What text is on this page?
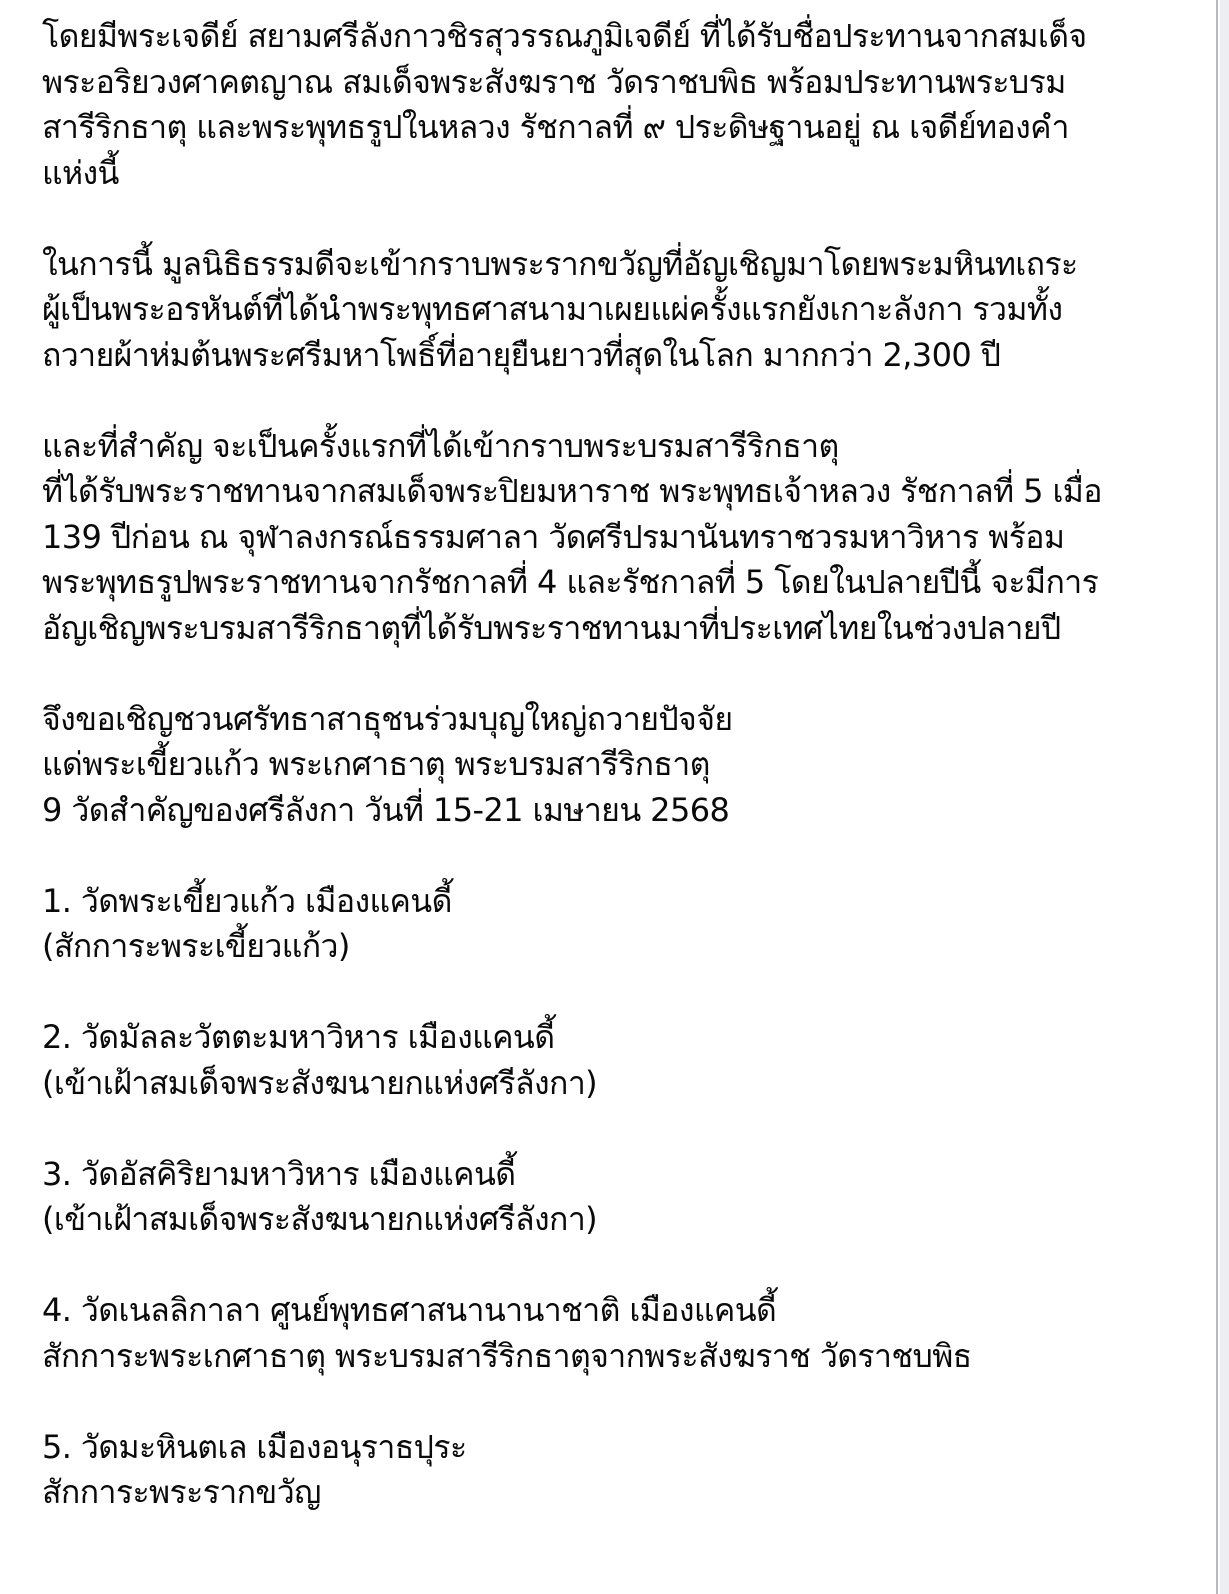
โดยมีพระเจดีย์ สยามศรีลังกาวชิรสุวรรณภูมิเจดีย์ ที่ได้รับชื่อประทานจากสมเด็จ
พระอริยวงศาคตญาณ สมเด็จพระสังฆราช วัดราชบพิธ พร้อมประทานพระบรม
สารีริกธาตุ และพระพุทธรูปในหลวง รัชกาลที่ ๙ ประดิษฐานอยู่ ณ เจดีย์ทองคำ
แห่งนี้
ในการนี้ มูลนิธิธรรมดีจะเข้ากราบพระรากขวัญที่อัญเชิญมาโดยพระมหินทเถระ
ผู้เป็นพระอรหันต์ที่ได้นำพระพุทธศาสนามาเผยแผ่ครั้งแรกยังเกาะลังกา รวมทั้ง
ถวายผ้าห่มต้นพระศรีมหาโพธิ์ที่อายุยืนยาวที่สุดในโลก มากกว่า 2,300 ปี
และที่สำคัญ จะเป็นครั้งแรกที่ได้เข้ากราบพระบรมสารีริกธาตุ
ที่ได้รับพระราชทานจากสมเด็จพระปิยมหาราช พระพุทธเจ้าหลวง รัชกาลที่ 5 เมื่อ
139 ปีก่อน ณ จุฬาลงกรณ์ธรรมศาลา วัดศรีปรมานันทราชวรมหาวิหาร พร้อม
พระพุทธรูปพระราชทานจากรัชกาลที่ 4 และรัชกาลที่ 5 โดยในปลายปีนี้ จะมีการ
อัญเชิญพระบรมสารีริกธาตุที่ได้รับพระราชทานมาที่ประเทศไทยในช่วงปลายปี
จึงขอเชิญชวนศรัทธาสาธุชนร่วมบุญใหญ่ถวายปัจจัย
แด่พระเขี้ยวแก้ว พระเกศาธาตุ พระบรมสารีริกธาตุ
9 วัดสำคัญของศรีลังกา วันที่ 15-21 เมษายน 2568
1. วัดพระเขี้ยวแก้ว เมืองแคนดี้
(สักการะพระเขี้ยวแก้ว)
2. วัดมัลละวัตตะมหาวิหาร เมืองแคนดี้
(เข้าเฝ้าสมเด็จพระสังฆนายกแห่งศรีลังกา)
3. วัดอัสคิริยามหาวิหาร เมืองแคนดี้
(เข้าเฝ้าสมเด็จพระสังฆนายกแห่งศรีลังกา)
4. วัดเนลลิกาลา ศูนย์พุทธศาสนานานาชาติ เมืองแคนดี้
สักการะพระเกศาธาตุ พระบรมสารีริกธาตุจากพระสังฆราช วัดราชบพิธ
5. วัดมะหินตเล เมืองอนุราธปุระ
สักการะพระรากขวัญ
